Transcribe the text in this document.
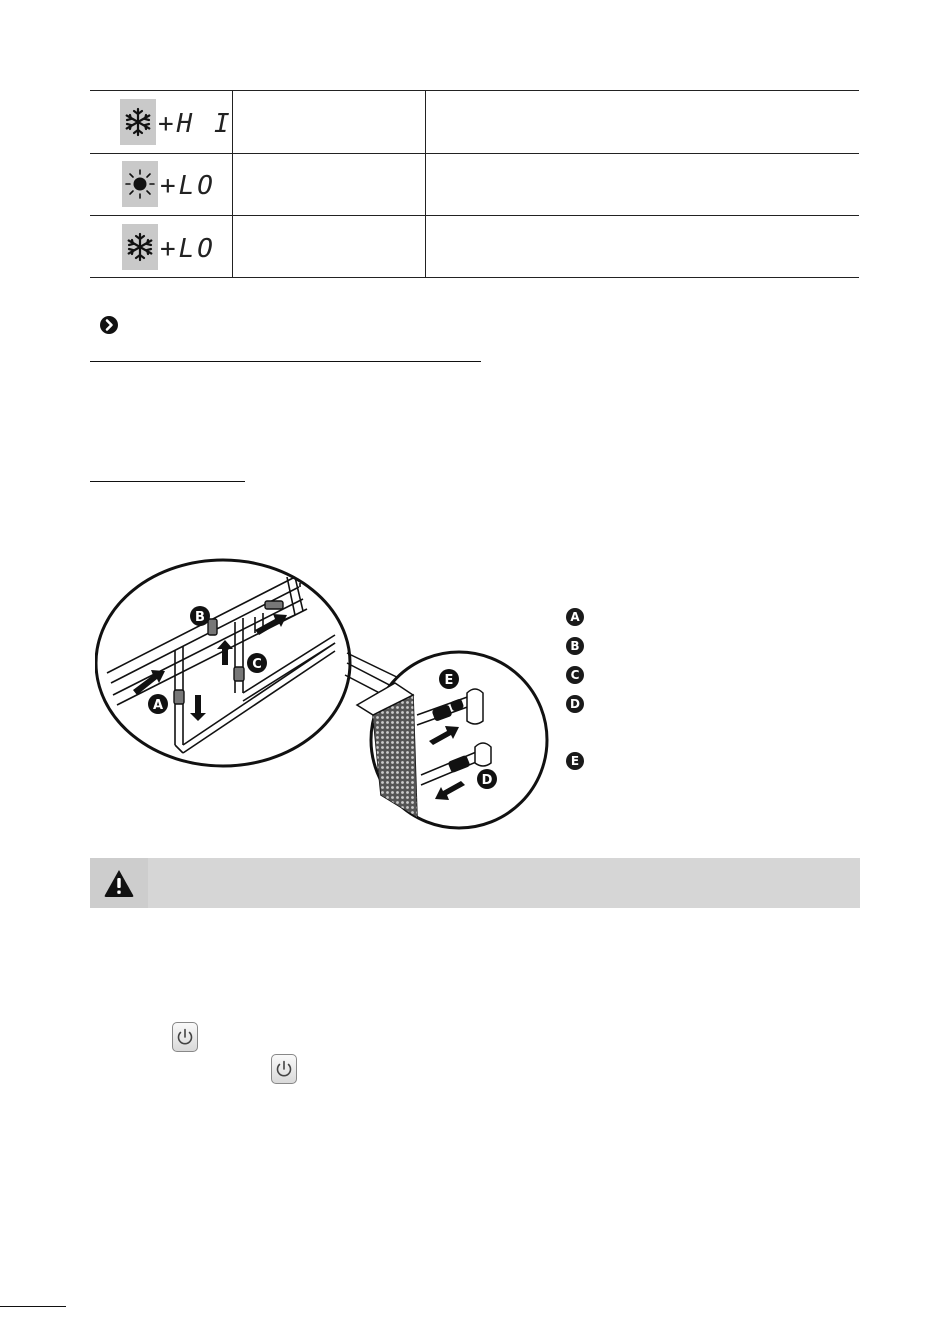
+H I
+LO
+LO
B
C
A
E
D
A
B
C
D
E
